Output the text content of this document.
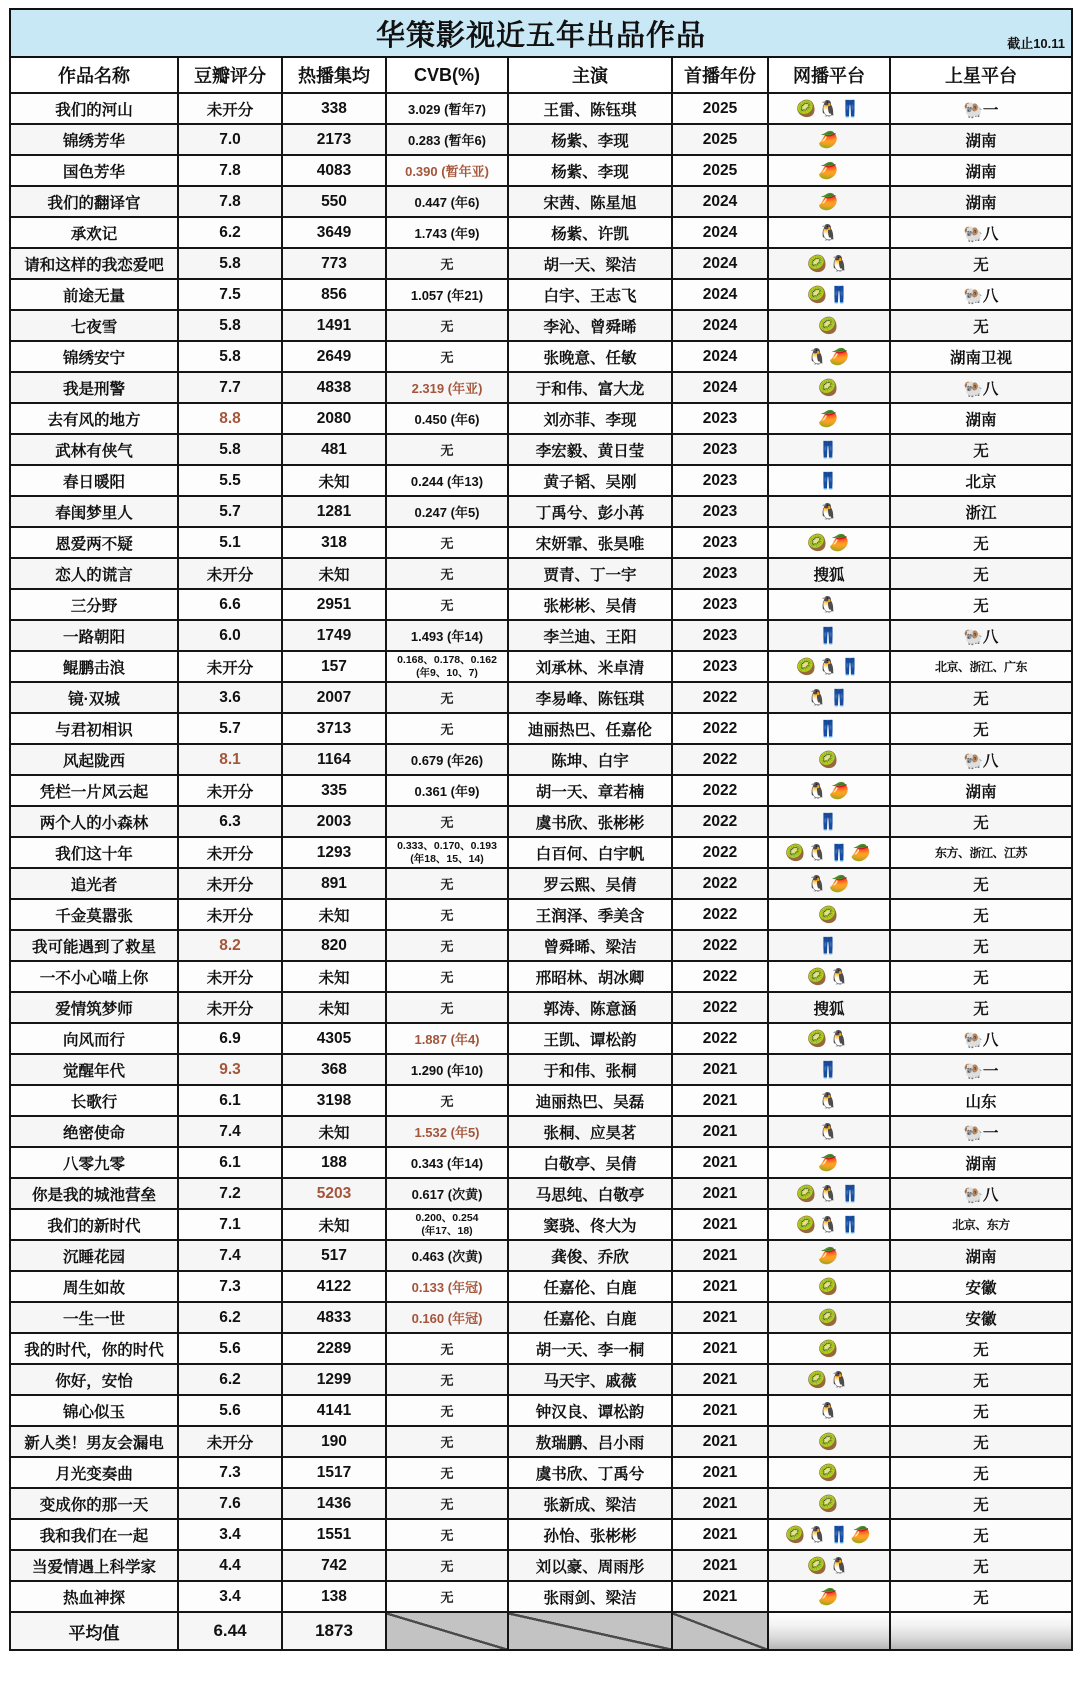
华策影视近五年出品作品 截止10.11							

作品名称	豆瓣评分	热播集均	CVB(%)	主演	首播年份	网播平台	上星平台
我们的河山	未开分	338	3.029 (暂年7)	王雷、陈钰琪	2025	🥝🐧👖	🐏一
锦绣芳华	7.0	2173	0.283 (暂年6)	杨紫、李现	2025	🥭	湖南
国色芳华	7.8	4083	0.390 (暂年亚)	杨紫、李现	2025	🥭	湖南
我们的翻译官	7.8	550	0.447 (年6)	宋茜、陈星旭	2024	🥭	湖南
承欢记	6.2	3649	1.743 (年9)	杨紫、许凯	2024	🐧	🐏八
请和这样的我恋爱吧	5.8	773	无	胡一天、梁洁	2024	🥝🐧	无
前途无量	7.5	856	1.057 (年21)	白宇、王志飞	2024	🥝👖	🐏八
七夜雪	5.8	1491	无	李沁、曾舜晞	2024	🥝	无
锦绣安宁	5.8	2649	无	张晚意、任敏	2024	🐧🥭	湖南卫视
我是刑警	7.7	4838	2.319 (年亚)	于和伟、富大龙	2024	🥝	🐏八
去有风的地方	8.8	2080	0.450 (年6)	刘亦菲、李现	2023	🥭	湖南
武林有侠气	5.8	481	无	李宏毅、黄日莹	2023	👖	无
春日暖阳	5.5	未知	0.244 (年13)	黄子韬、吴刚	2023	👖	北京
春闺梦里人	5.7	1281	0.247 (年5)	丁禹兮、彭小苒	2023	🐧	浙江
恩爱两不疑	5.1	318	无	宋妍霏、张昊唯	2023	🥝🥭	无
恋人的谎言	未开分	未知	无	贾青、丁一宇	2023	搜狐	无
三分野	6.6	2951	无	张彬彬、吴倩	2023	🐧	无
一路朝阳	6.0	1749	1.493 (年14)	李兰迪、王阳	2023	👖	🐏八
鲲鹏击浪	未开分	157	0.168、0.178、0.162
(年9、10、7)	刘承林、米卓清	2023	🥝🐧👖	北京、浙江、广东
镜·双城	3.6	2007	无	李易峰、陈钰琪	2022	🐧👖	无
与君初相识	5.7	3713	无	迪丽热巴、任嘉伦	2022	👖	无
风起陇西	8.1	1164	0.679 (年26)	陈坤、白宇	2022	🥝	🐏八
凭栏一片风云起	未开分	335	0.361 (年9)	胡一天、章若楠	2022	🐧🥭	湖南
两个人的小森林	6.3	2003	无	虞书欣、张彬彬	2022	👖	无
我们这十年	未开分	1293	0.333、0.170、0.193
(年18、15、14)	白百何、白宇帆	2022	🥝🐧👖🥭	东方、浙江、江苏
追光者	未开分	891	无	罗云熙、吴倩	2022	🐧🥭	无
千金莫嚣张	未开分	未知	无	王润泽、季美含	2022	🥝	无
我可能遇到了救星	8.2	820	无	曾舜晞、梁洁	2022	👖	无
一不小心喵上你	未开分	未知	无	邢昭林、胡冰卿	2022	🥝🐧	无
爱情筑梦师	未开分	未知	无	郭涛、陈意涵	2022	搜狐	无
向风而行	6.9	4305	1.887 (年4)	王凯、谭松韵	2022	🥝🐧	🐏八
觉醒年代	9.3	368	1.290 (年10)	于和伟、张桐	2021	👖	🐏一
长歌行	6.1	3198	无	迪丽热巴、吴磊	2021	🐧	山东
绝密使命	7.4	未知	1.532 (年5)	张桐、应昊茗	2021	🐧	🐏一
八零九零	6.1	188	0.343 (年14)	白敬亭、吴倩	2021	🥭	湖南
你是我的城池营垒	7.2	5203	0.617 (次黄)	马思纯、白敬亭	2021	🥝🐧👖	🐏八
我们的新时代	7.1	未知	0.200、0.254
(年17、18)	窦骁、佟大为	2021	🥝🐧👖	北京、东方
沉睡花园	7.4	517	0.463 (次黄)	龚俊、乔欣	2021	🥭	湖南
周生如故	7.3	4122	0.133 (年冠)	任嘉伦、白鹿	2021	🥝	安徽
一生一世	6.2	4833	0.160 (年冠)	任嘉伦、白鹿	2021	🥝	安徽
我的时代，你的时代	5.6	2289	无	胡一天、李一桐	2021	🥝	无
你好，安怡	6.2	1299	无	马天宇、戚薇	2021	🥝🐧	无
锦心似玉	5.6	4141	无	钟汉良、谭松韵	2021	🐧	无
新人类！男友会漏电	未开分	190	无	敖瑞鹏、吕小雨	2021	🥝	无
月光变奏曲	7.3	1517	无	虞书欣、丁禹兮	2021	🥝	无
变成你的那一天	7.6	1436	无	张新成、梁洁	2021	🥝	无
我和我们在一起	3.4	1551	无	孙怡、张彬彬	2021	🥝🐧👖🥭	无
当爱情遇上科学家	4.4	742	无	刘以豪、周雨彤	2021	🥝🐧	无
热血神探	3.4	138	无	张雨剑、梁洁	2021	🥭	无
平均值	6.44	1873					
